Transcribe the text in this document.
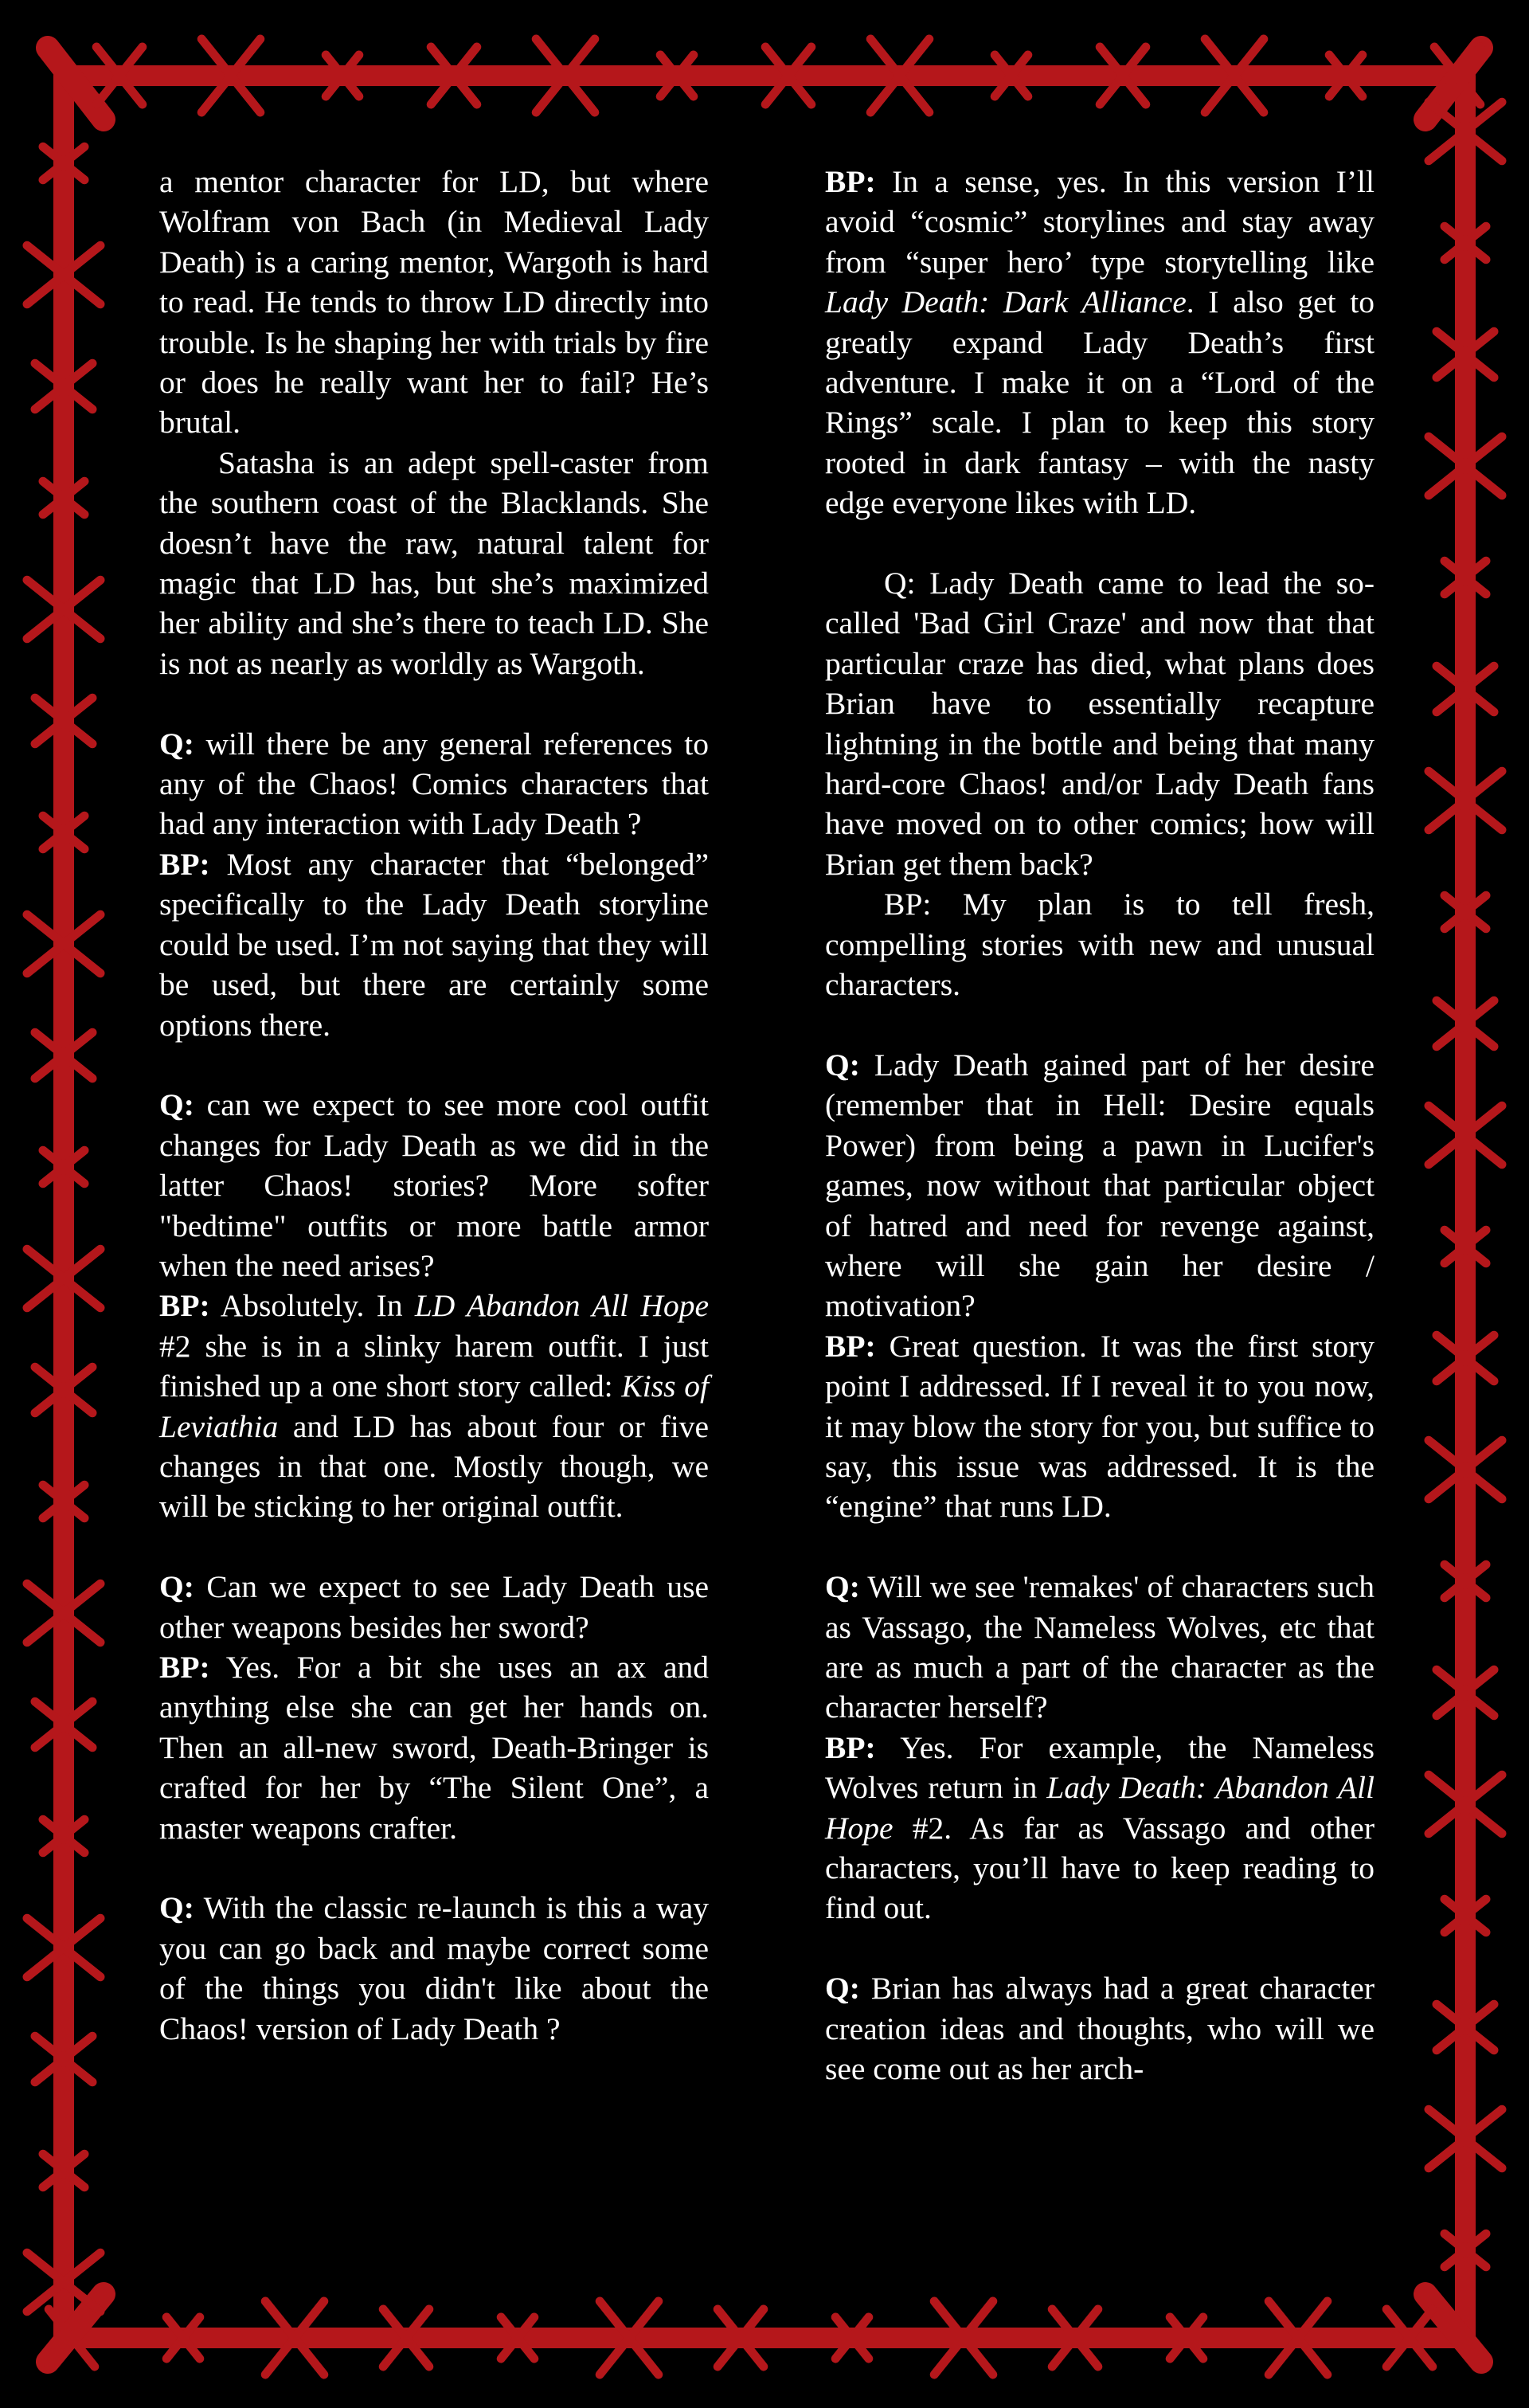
a mentor character for LD, but where Wolfram von Bach (in Medieval Lady Death) is a caring mentor, Wargoth is hard to read. He tends to throw LD directly into trouble. Is he shaping her with trials by fire or does he really want her to fail? He’s brutal.

Satasha is an adept spell-caster from the southern coast of the Blacklands. She doesn’t have the raw, natural talent for magic that LD has, but she’s maximized her ability and she’s there to teach LD. She is not as nearly as worldly as Wargoth.

Q: will there be any general references to any of the Chaos! Comics characters that had any interaction with Lady Death ?
BP: Most any character that “belonged” specifically to the Lady Death storyline could be used. I’m not saying that they will be used, but there are certainly some options there.
Q: can we expect to see more cool outfit changes for Lady Death as we did in the latter Chaos! stories? More softer "bedtime" outfits or more battle armor when the need arises?
BP: Absolutely. In LD Abandon All Hope #2 she is in a slinky harem outfit. I just finished up a one short story called: Kiss of Leviathia and LD has about four or five changes in that one. Mostly though, we will be sticking to her original outfit.
Q: Can we expect to see Lady Death use other weapons besides her sword?
BP: Yes. For a bit she uses an ax and anything else she can get her hands on. Then an all-new sword, Death-Bringer is crafted for her by “The Silent One”, a master weapons crafter.
Q: With the classic re-launch is this a way you can go back and maybe correct some of the things you didn't like about the Chaos! version of Lady Death ?
BP: In a sense, yes. In this version I’ll avoid “cosmic” storylines and stay away from “super hero’ type storytelling like Lady Death: Dark Alliance. I also get to greatly expand Lady Death’s first adventure. I make it on a “Lord of the Rings” scale. I plan to keep this story rooted in dark fantasy – with the nasty edge everyone likes with LD.

Q: Lady Death came to lead the so-called 'Bad Girl Craze' and now that that particular craze has died, what plans does Brian have to essentially recapture lightning in the bottle and being that many hard-core Chaos! and/or Lady Death fans have moved on to other comics; how will Brian get them back?

BP: My plan is to tell fresh, compelling stories with new and unusual characters.

Q: Lady Death gained part of her desire (remember that in Hell: Desire equals Power) from being a pawn in Lucifer's games, now without that particular object of hatred and need for revenge against, where will she gain her desire / motivation?
BP: Great question. It was the first story point I addressed. If I reveal it to you now, it may blow the story for you, but suffice to say, this issue was addressed. It is the “engine” that runs LD.
Q: Will we see 'remakes' of characters such as Vassago, the Nameless Wolves, etc that are as much a part of the character as the character herself?
BP: Yes. For example, the Nameless Wolves return in Lady Death: Abandon All Hope #2. As far as Vassago and other characters, you’ll have to keep reading to find out.
Q: Brian has always had a great character creation ideas and thoughts, who will we see come out as her arch-
